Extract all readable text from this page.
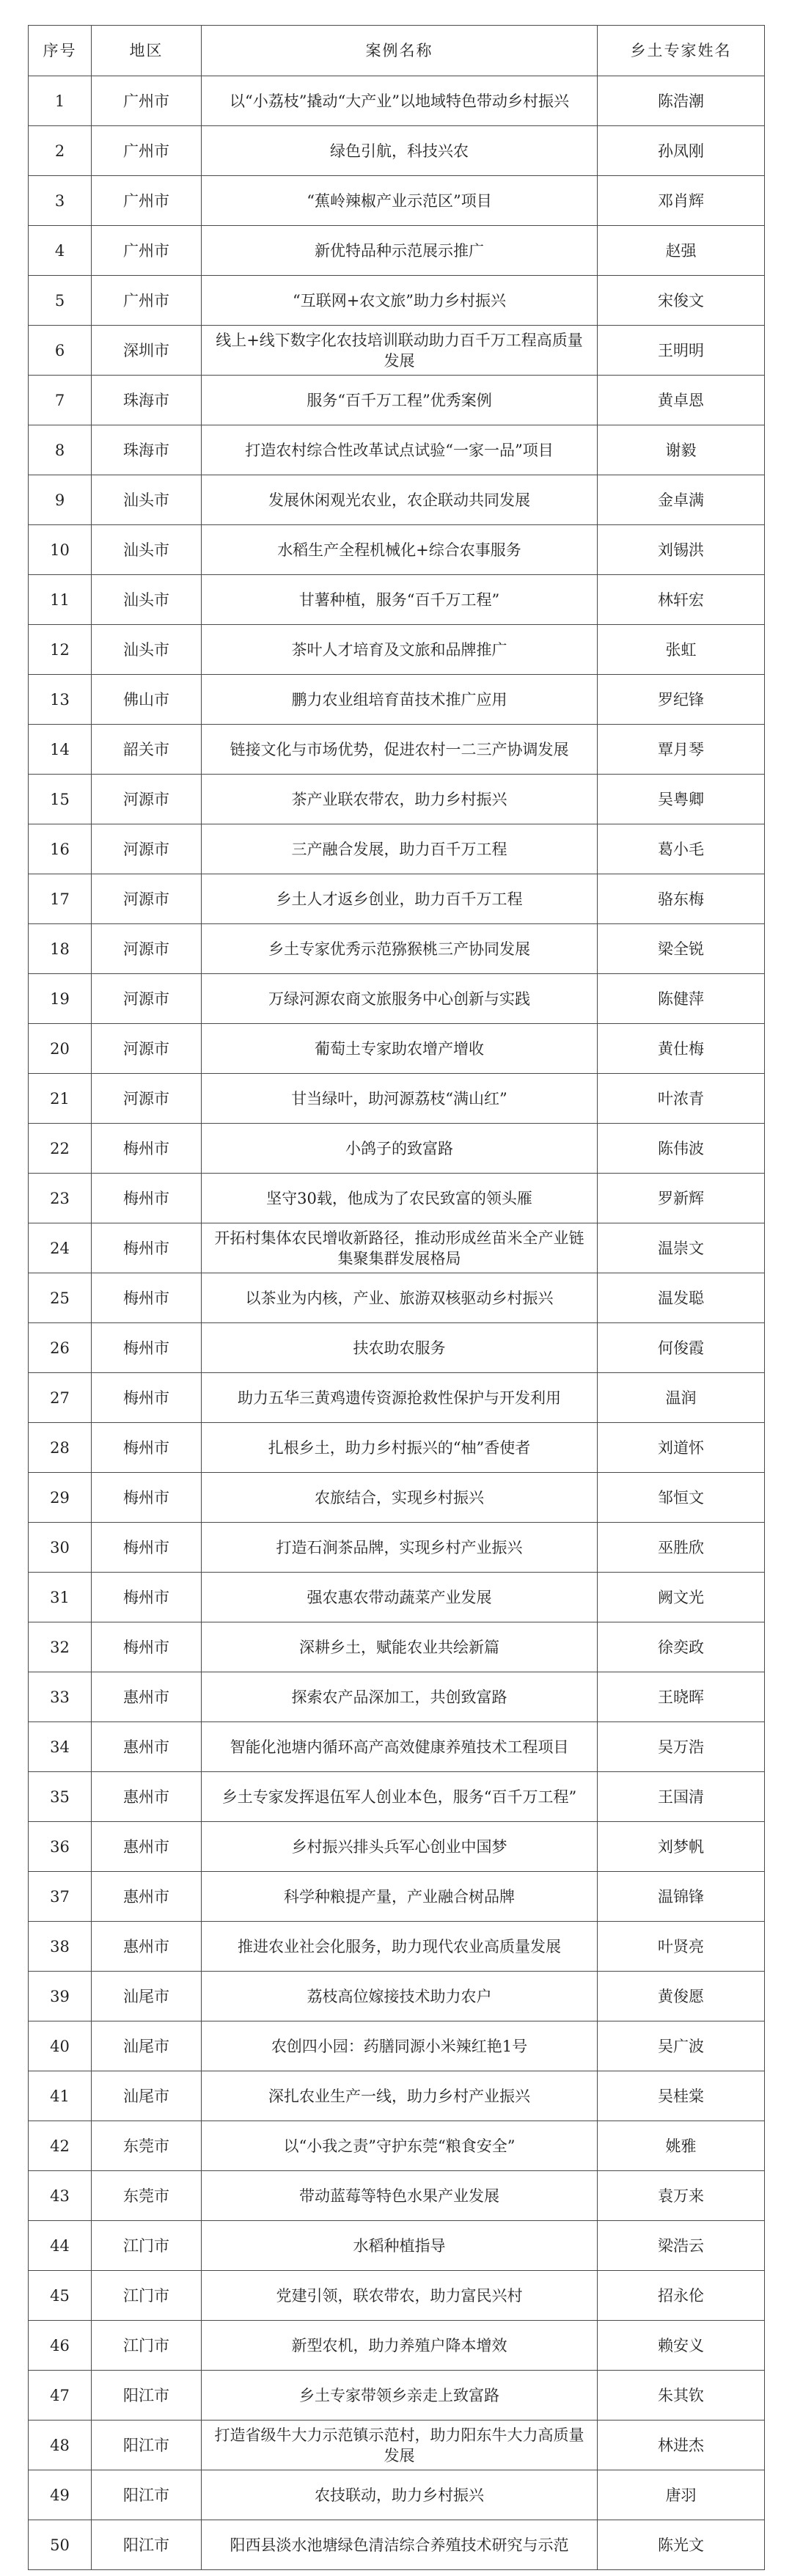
序号	地区	案例名称	乡土专家姓名
1	广州市	以“小荔枝”撬动“大产业”以地域特色带动乡村振兴	陈浩潮
2	广州市	绿色引航，科技兴农	孙凤刚
3	广州市	“蕉岭辣椒产业示范区”项目	邓肖辉
4	广州市	新优特品种示范展示推广	赵强
5	广州市	“互联网+农文旅”助力乡村振兴	宋俊文
6	深圳市	线上+线下数字化农技培训联动助力百千万工程高质量发展	王明明
7	珠海市	服务“百千万工程”优秀案例	黄卓恩
8	珠海市	打造农村综合性改革试点试验“一家一品”项目	谢毅
9	汕头市	发展休闲观光农业，农企联动共同发展	金卓满
10	汕头市	水稻生产全程机械化+综合农事服务	刘锡洪
11	汕头市	甘薯种植，服务“百千万工程”	林轩宏
12	汕头市	茶叶人才培育及文旅和品牌推广	张虹
13	佛山市	鹏力农业组培育苗技术推广应用	罗纪锋
14	韶关市	链接文化与市场优势，促进农村一二三产协调发展	覃月琴
15	河源市	茶产业联农带农，助力乡村振兴	吴粤卿
16	河源市	三产融合发展，助力百千万工程	葛小毛
17	河源市	乡土人才返乡创业，助力百千万工程	骆东梅
18	河源市	乡土专家优秀示范猕猴桃三产协同发展	梁全锐
19	河源市	万绿河源农商文旅服务中心创新与实践	陈健萍
20	河源市	葡萄土专家助农增产增收	黄仕梅
21	河源市	甘当绿叶，助河源荔枝“满山红”	叶浓青
22	梅州市	小鸽子的致富路	陈伟波
23	梅州市	坚守30载，他成为了农民致富的领头雁	罗新辉
24	梅州市	开拓村集体农民增收新路径，推动形成丝苗米全产业链集聚集群发展格局	温崇文
25	梅州市	以茶业为内核，产业、旅游双核驱动乡村振兴	温发聪
26	梅州市	扶农助农服务	何俊霞
27	梅州市	助力五华三黄鸡遗传资源抢救性保护与开发利用	温润
28	梅州市	扎根乡土，助力乡村振兴的“柚”香使者	刘道怀
29	梅州市	农旅结合，实现乡村振兴	邹恒文
30	梅州市	打造石涧茶品牌，实现乡村产业振兴	巫胜欣
31	梅州市	强农惠农带动蔬菜产业发展	阙文光
32	梅州市	深耕乡土，赋能农业共绘新篇	徐奕政
33	惠州市	探索农产品深加工，共创致富路	王晓晖
34	惠州市	智能化池塘内循环高产高效健康养殖技术工程项目	吴万浩
35	惠州市	乡土专家发挥退伍军人创业本色，服务“百千万工程”	王国清
36	惠州市	乡村振兴排头兵军心创业中国梦	刘梦帆
37	惠州市	科学种粮提产量，产业融合树品牌	温锦锋
38	惠州市	推进农业社会化服务，助力现代农业高质量发展	叶贤亮
39	汕尾市	荔枝高位嫁接技术助力农户	黄俊愿
40	汕尾市	农创四小园：药膳同源小米辣红艳1号	吴广波
41	汕尾市	深扎农业生产一线，助力乡村产业振兴	吴桂棠
42	东莞市	以“小我之责”守护东莞“粮食安全”	姚雅
43	东莞市	带动蓝莓等特色水果产业发展	袁万来
44	江门市	水稻种植指导	梁浩云
45	江门市	党建引领，联农带农，助力富民兴村	招永伦
46	江门市	新型农机，助力养殖户降本增效	赖安义
47	阳江市	乡土专家带领乡亲走上致富路	朱其钦
48	阳江市	打造省级牛大力示范镇示范村，助力阳东牛大力高质量发展	林进杰
49	阳江市	农技联动，助力乡村振兴	唐羽
50	阳江市	阳西县淡水池塘绿色清洁综合养殖技术研究与示范	陈光文
